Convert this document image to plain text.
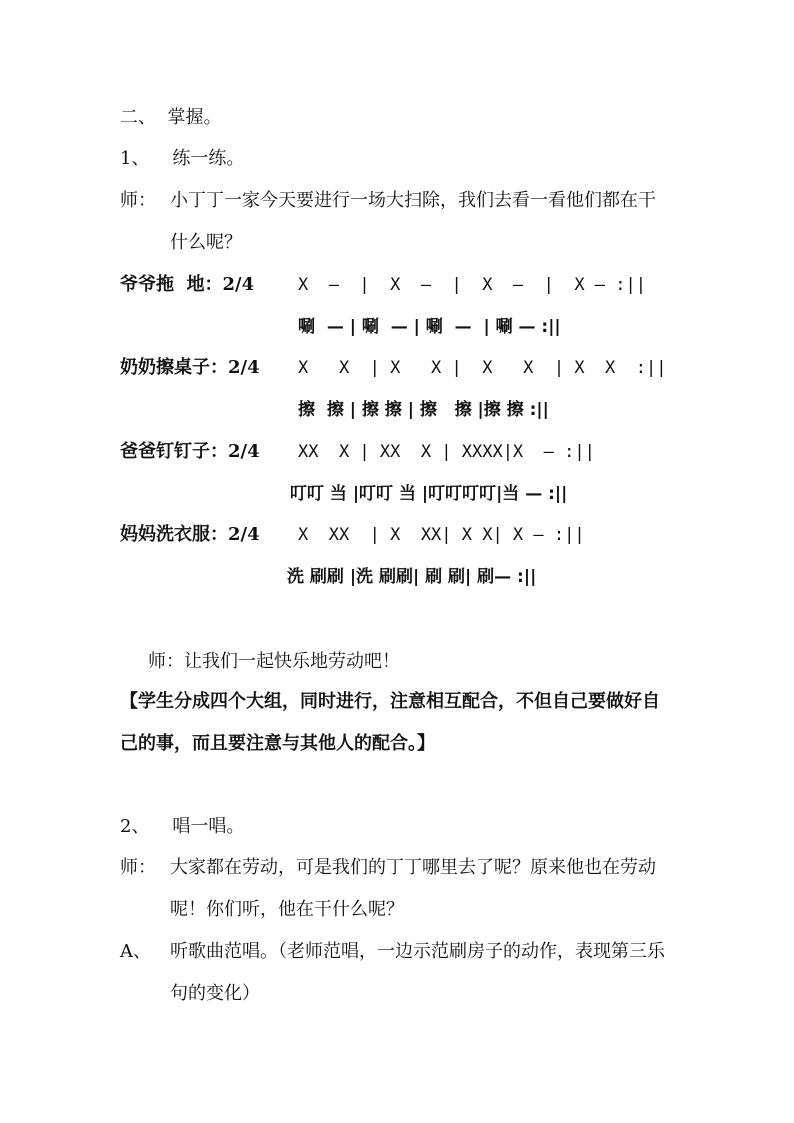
二、  掌握。
1、    练一练。
师： 小丁丁一家今天要进行一场大扫除，我们去看一看他们都在干
什么呢？
爷爷拖  地：2/4	X  —  |  X  —  |  X  —  |  X — :||
唰  — | 唰  — | 唰  —  | 唰 — :||
奶奶擦桌子：2/4 X   X  | X   X |  X   X  | X  X  :||
擦  擦 | 擦 擦 | 擦   擦 |擦 擦 :||
爸爸钉钉子：2/4 XX  X | XX  X | XXXX|X  — :||
叮叮 当 |叮叮 当 |叮叮叮叮|当 — :||
妈妈洗衣服：2/4 X  XX  | X  XX| X X| X — :||
洗 刷刷 |洗 刷刷| 刷 刷| 刷— :||
师：让我们一起快乐地劳动吧！
【学生分成四个大组，同时进行，注意相互配合，不但自己要做好自
己的事，而且要注意与其他人的配合。】
2、    唱一唱。
师： 大家都在劳动，可是我们的丁丁哪里去了呢？原来他也在劳动
呢！你们听，他在干什么呢？
A、 听歌曲范唱。（老师范唱，一边示范刷房子的动作，表现第三乐
句的变化）
